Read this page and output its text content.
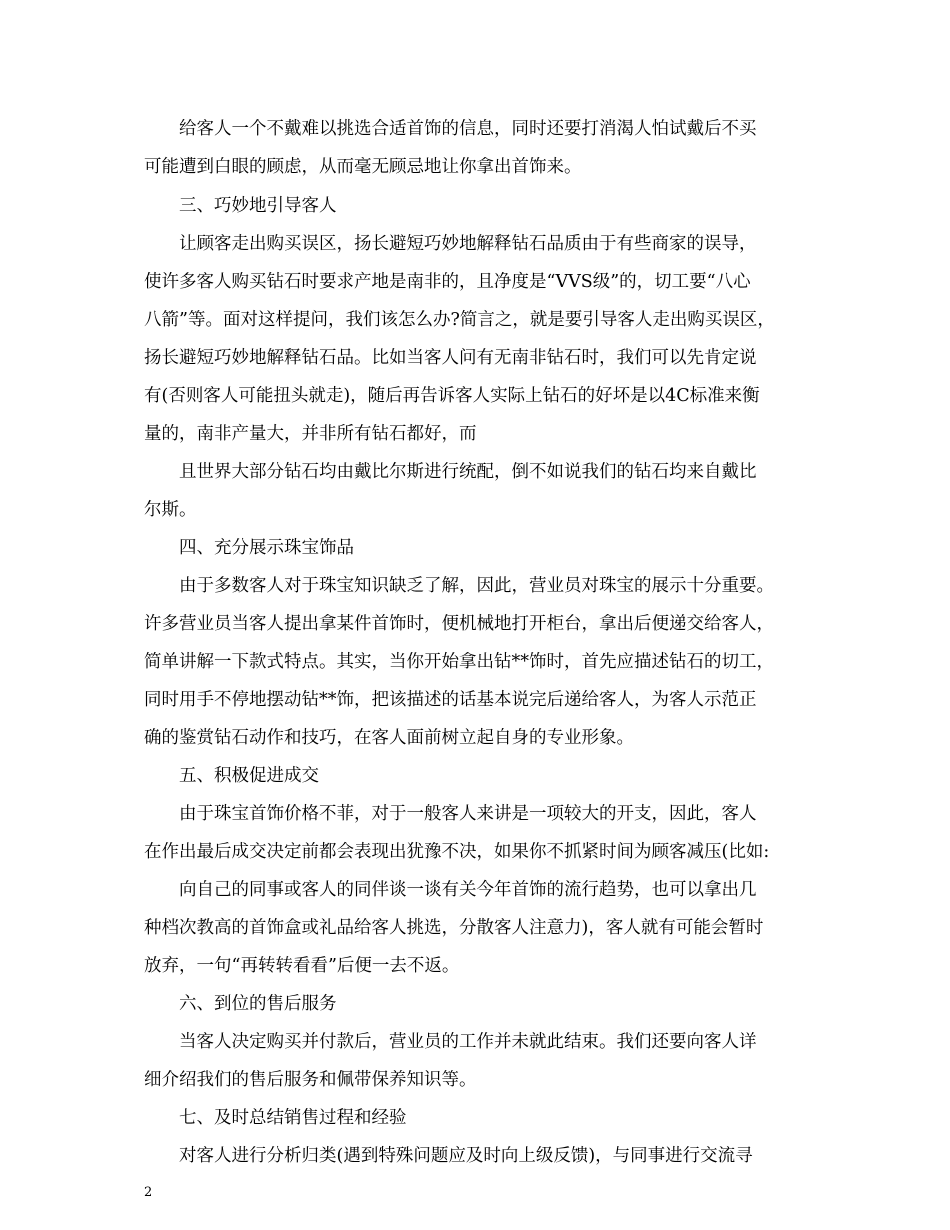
给客人一个不戴难以挑选合适首饰的信息，同时还要打消渴人怕试戴后不买
可能遭到白眼的顾虑，从而毫无顾忌地让你拿出首饰来。
三、巧妙地引导客人
让顾客走出购买误区，扬长避短巧妙地解释钻石品质由于有些商家的误导，
使许多客人购买钻石时要求产地是南非的，且净度是“VVS级”的，切工要“八心
八箭”等。面对这样提问，我们该怎么办?简言之，就是要引导客人走出购买误区，
扬长避短巧妙地解释钻石品。比如当客人问有无南非钻石时，我们可以先肯定说
有(否则客人可能扭头就走)，随后再告诉客人实际上钻石的好坏是以4C标准来衡
量的，南非产量大，并非所有钻石都好，而
且世界大部分钻石均由戴比尔斯进行统配，倒不如说我们的钻石均来自戴比
尔斯。
四、充分展示珠宝饰品
由于多数客人对于珠宝知识缺乏了解，因此，营业员对珠宝的展示十分重要。
许多营业员当客人提出拿某件首饰时，便机械地打开柜台，拿出后便递交给客人，
简单讲解一下款式特点。其实，当你开始拿出钻**饰时，首先应描述钻石的切工，
同时用手不停地摆动钻**饰，把该描述的话基本说完后递给客人，为客人示范正
确的鉴赏钻石动作和技巧，在客人面前树立起自身的专业形象。
五、积极促进成交
由于珠宝首饰价格不菲，对于一般客人来讲是一项较大的开支，因此，客人
在作出最后成交决定前都会表现出犹豫不决，如果你不抓紧时间为顾客减压(比如:
向自己的同事或客人的同伴谈一谈有关今年首饰的流行趋势，也可以拿出几
种档次教高的首饰盒或礼品给客人挑选，分散客人注意力)，客人就有可能会暂时
放弃，一句“再转转看看”后便一去不返。
六、到位的售后服务
当客人决定购买并付款后，营业员的工作并未就此结束。我们还要向客人详
细介绍我们的售后服务和佩带保养知识等。
七、及时总结销售过程和经验
对客人进行分析归类(遇到特殊问题应及时向上级反馈)，与同事进行交流寻
2
